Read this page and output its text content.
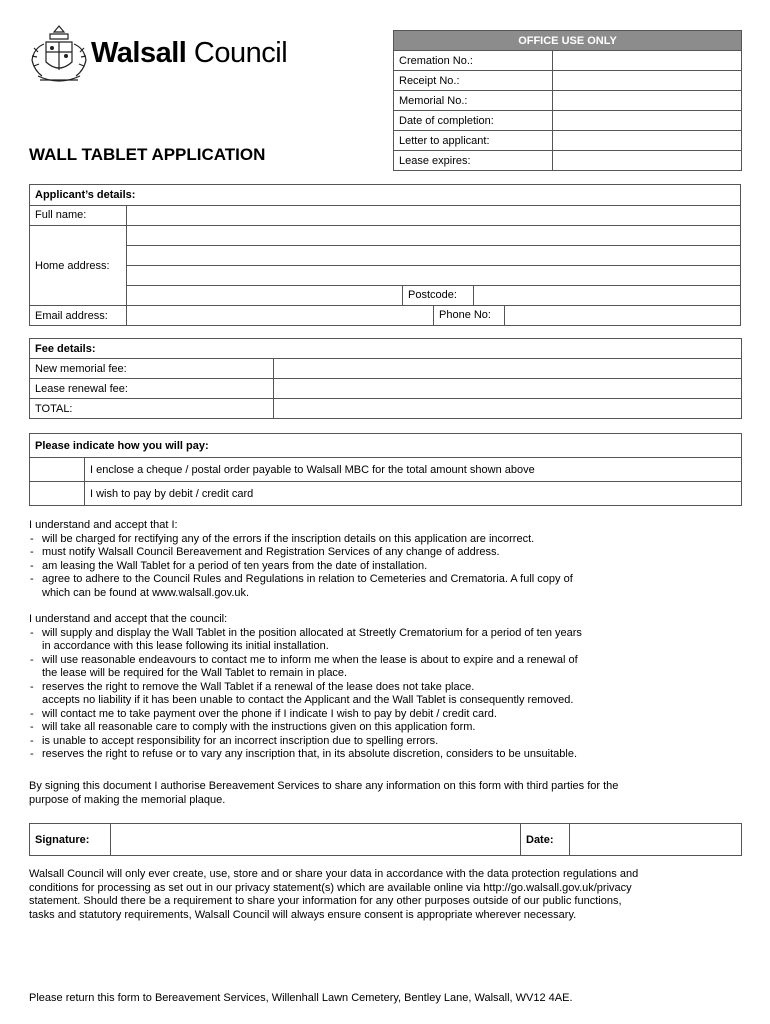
Walsall Council
WALL TABLET APPLICATION
OFFICE USE ONLY	
Cremation No.:	
Receipt No.:	
Memorial No.:	
Date of completion:	
Letter to applicant:	
Lease expires:	
Applicant’s details:
Full name:
Home address:
Postcode:
Email address:	Phone No:
Fee details:	
New memorial fee:	
Lease renewal fee:	
TOTAL:	
Please indicate how you will pay:	
	I enclose a cheque / postal order payable to Walsall MBC for the total amount shown above
	I wish to pay by debit / credit card
I understand and accept that I:
- will be charged for rectifying any of the errors if the inscription details on this application are incorrect.
- must notify Walsall Council Bereavement and Registration Services of any change of address.
- am leasing the Wall Tablet for a period of ten years from the date of installation.
- agree to adhere to the Council Rules and Regulations in relation to Cemeteries and Crematoria. A full copy of
which can be found at www.walsall.gov.uk.
I understand and accept that the council:
- will supply and display the Wall Tablet in the position allocated at Streetly Crematorium for a period of ten years
in accordance with this lease following its initial installation.
- will use reasonable endeavours to contact me to inform me when the lease is about to expire and a renewal of
the lease will be required for the Wall Tablet to remain in place.
- reserves the right to remove the Wall Tablet if a renewal of the lease does not take place.
accepts no liability if it has been unable to contact the Applicant and the Wall Tablet is consequently removed.
- will contact me to take payment over the phone if I indicate I wish to pay by debit / credit card.
- will take all reasonable care to comply with the instructions given on this application form.
- is unable to accept responsibility for an incorrect inscription due to spelling errors.
- reserves the right to refuse or to vary any inscription that, in its absolute discretion, considers to be unsuitable.
By signing this document I authorise Bereavement Services to share any information on this form with third parties for the
purpose of making the memorial plaque.
Signature:		Date:	
Walsall Council will only ever create, use, store and or share your data in accordance with the data protection regulations and
conditions for processing as set out in our privacy statement(s) which are available online via http://go.walsall.gov.uk/privacy
statement. Should there be a requirement to share your information for any other purposes outside of our public functions,
tasks and statutory requirements, Walsall Council will always ensure consent is appropriate wherever necessary.
Please return this form to Bereavement Services, Willenhall Lawn Cemetery, Bentley Lane, Walsall, WV12 4AE.
